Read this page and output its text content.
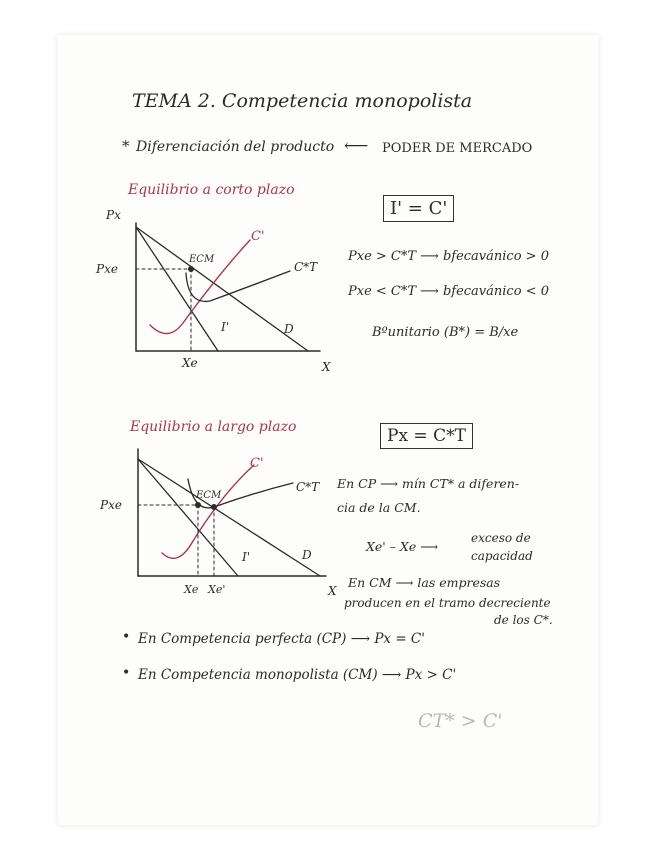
TEMA 2. Competencia monopolista
* Diferenciación del producto ⟵ PODER DE MERCADO
Equilibrio a corto plazo
I' = C'
Px
Pxe
ECM
C'
C*T
I'	D
Xe	X
Pxe > C*T ⟶ bfecavánico > 0
Pxe < C*T ⟶ bfecavánico < 0
Bºunitario (B*) = B/xe
Equilibrio a largo plazo	Px = C*T
Pxe
ECM
C'
C*T
I'	D
Xe Xe'	X
En CP ⟶ mín CT* a diferen-
cia de la CM.
Xe' – Xe ⟶
exceso de
capacidad
En CM ⟶ las empresas
producen en el tramo decreciente
de los C*.
• En Competencia perfecta (CP) ⟶ Px = C'
• En Competencia monopolista (CM) ⟶ Px > C'
CT* > C'
